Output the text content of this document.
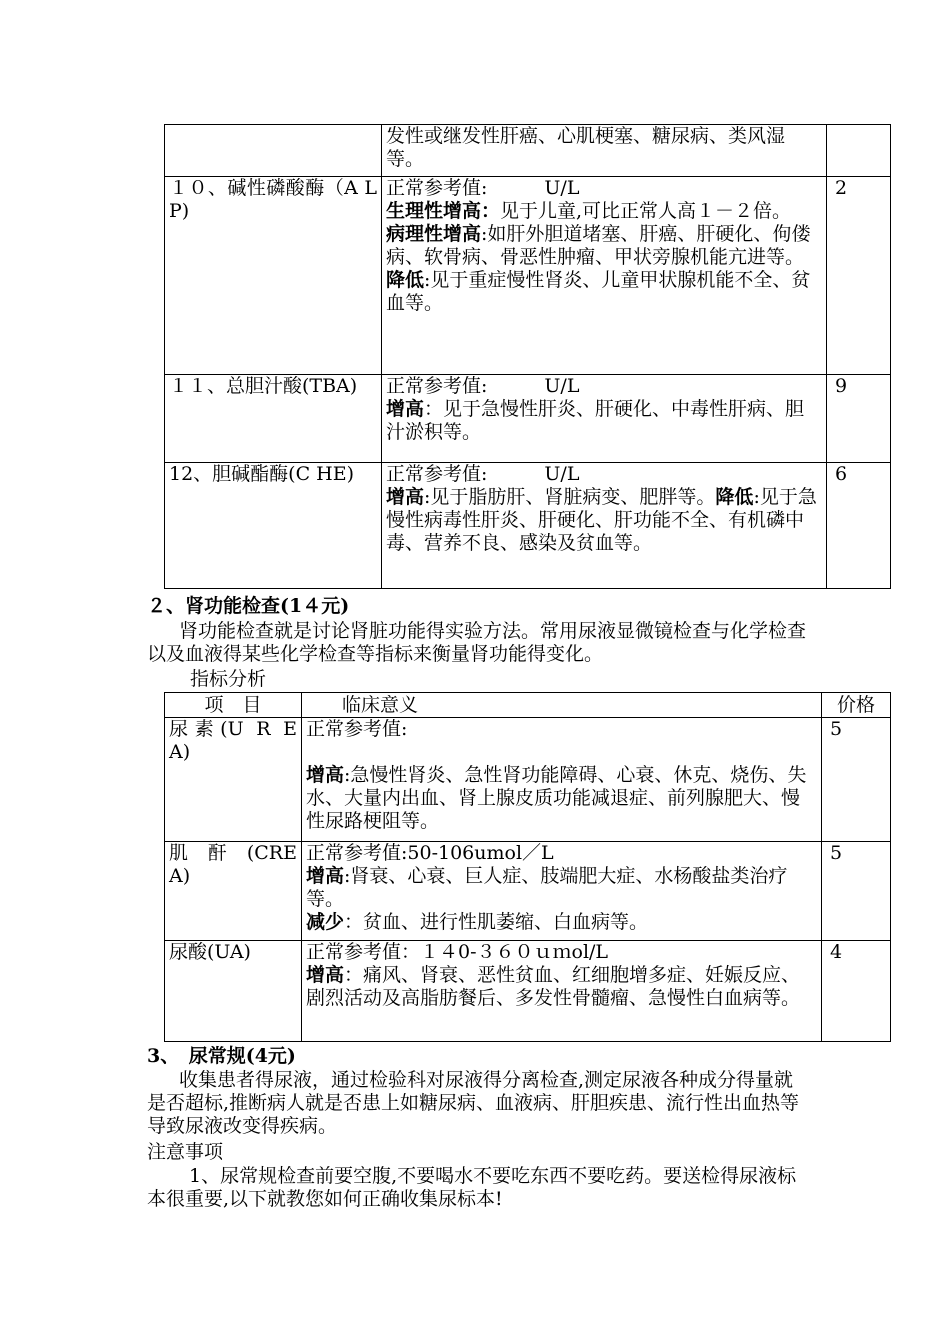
	发性或继发性肝癌、心肌梗塞、糖尿病、类风湿等。	

１０、碱性磷酸酶（A LP)	正常参考值:　　　U/L
生理性增高：见于儿童,可比正常人高１－２倍。
病理性增高:如肝外胆道堵塞、肝癌、肝硬化、佝偻病、软骨病、骨恶性肿瘤、甲状旁腺机能亢进等。
降低:见于重症慢性肾炎、儿童甲状腺机能不全、贫血等。	2
１１、总胆汁酸(TBA)	正常参考值:　　　U/L
增高：见于急慢性肝炎、肝硬化、中毒性肝病、胆汁淤积等。	9
12、胆碱酯酶(C HE)	正常参考值:　　　U/L
增高:见于脂肪肝、肾脏病变、肥胖等。降低:见于急慢性病毒性肝炎、肝硬化、肝功能不全、有机磷中毒、营养不良、感染及贫血等。	6
２、肾功能检查(1４元)
肾功能检查就是讨论肾脏功能得实验方法。常用尿液显微镜检查与化学检查以及血液得某些化学检查等指标来衡量肾功能得变化。
指标分析
项　目	临床意义	价格
尿素(U R E A)	正常参考值:

增高:急慢性肾炎、急性肾功能障碍、心衰、休克、烧伤、失水、大量内出血、肾上腺皮质功能减退症、前列腺肥大、慢性尿路梗阻等。	5
肌　酐　(CRE A)	正常参考值:50-106umol／L
增高:肾衰、心衰、巨人症、肢端肥大症、水杨酸盐类治疗等。
减少：贫血、进行性肌萎缩、白血病等。	5
尿酸(UA)	正常参考值：１４0-３６０ｕｍol/L
增高：痛风、肾衰、恶性贫血、红细胞增多症、妊娠反应、剧烈活动及高脂肪餐后、多发性骨髓瘤、急慢性白血病等。	4
3、　尿常规(4元)
收集患者得尿液，通过检验科对尿液得分离检查,测定尿液各种成分得量就是否超标,推断病人就是否患上如糖尿病、血液病、肝胆疾患、流行性出血热等导致尿液改变得疾病。
注意事项
1、尿常规检查前要空腹,不要喝水不要吃东西不要吃药。要送检得尿液标本很重要,以下就教您如何正确收集尿标本!
